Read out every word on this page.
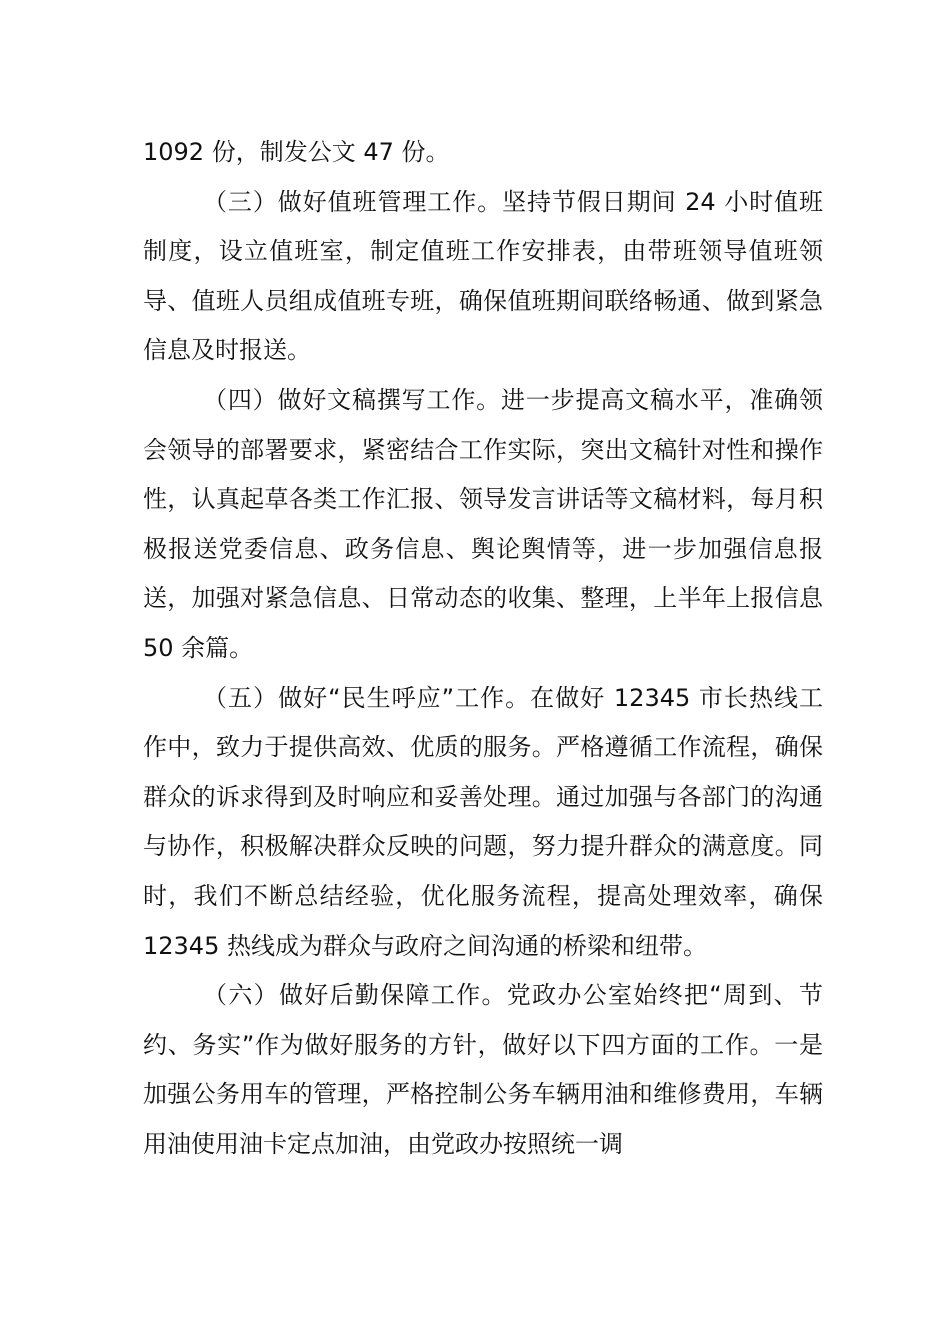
1092 份，制发公文 47 份。

（三）做好值班管理工作。坚持节假日期间 24 小时值班制度，设立值班室，制定值班工作安排表，由带班领导值班领导、值班人员组成值班专班，确保值班期间联络畅通、做到紧急信息及时报送。

（四）做好文稿撰写工作。进一步提高文稿水平，准确领会领导的部署要求，紧密结合工作实际，突出文稿针对性和操作性，认真起草各类工作汇报、领导发言讲话等文稿材料，每月积极报送党委信息、政务信息、舆论舆情等，进一步加强信息报送，加强对紧急信息、日常动态的收集、整理，上半年上报信息 50 余篇。

（五）做好“民生呼应”工作。在做好 12345 市长热线工作中，致力于提供高效、优质的服务。严格遵循工作流程，确保群众的诉求得到及时响应和妥善处理。通过加强与各部门的沟通与协作，积极解决群众反映的问题，努力提升群众的满意度。同时，我们不断总结经验，优化服务流程，提高处理效率，确保 12345 热线成为群众与政府之间沟通的桥梁和纽带。

（六）做好后勤保障工作。党政办公室始终把“周到、节约、务实”作为做好服务的方针，做好以下四方面的工作。一是加强公务用车的管理，严格控制公务车辆用油和维修费用，车辆用油使用油卡定点加油，由党政办按照统一调
